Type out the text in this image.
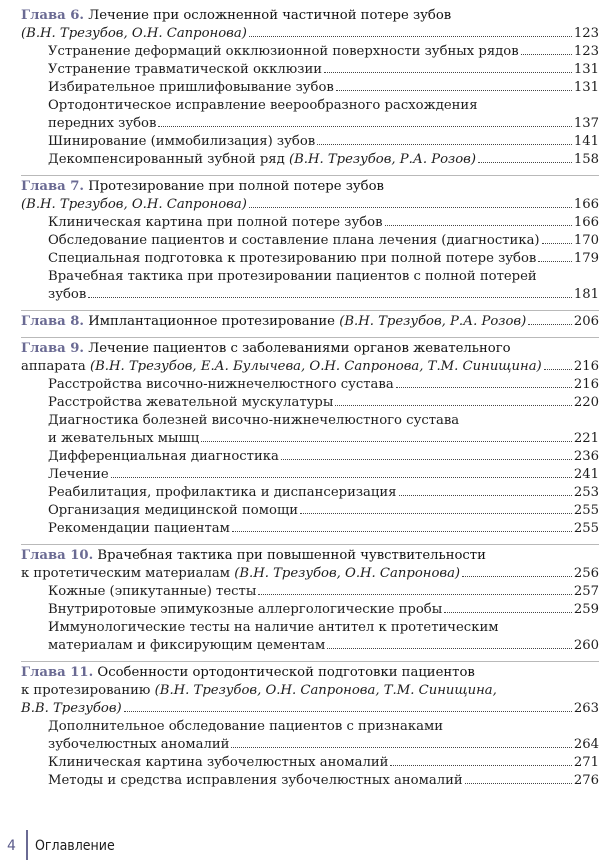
Глава 6. Лечение при осложненной частичной потере зубов
(В.Н. Трезубов, О.Н. Сапронова)	123
Устранение деформаций окклюзионной поверхности зубных рядов	123
Устранение травматической окклюзии	131
Избирательное пришлифовывание зубов	131
Ортодонтическое исправление веерообразного расхождения
передних зубов	137
Шинирование (иммобилизация) зубов	141
Декомпенсированный зубной ряд (В.Н. Трезубов, Р.А. Розов)	158
Глава 7. Протезирование при полной потере зубов
(В.Н. Трезубов, О.Н. Сапронова)	166
Клиническая картина при полной потере зубов	166
Обследование пациентов и составление плана лечения (диагностика)	170
Специальная подготовка к протезированию при полной потере зубов	179
Врачебная тактика при протезировании пациентов с полной потерей
зубов	181
Глава 8. Имплантационное протезирование (В.Н. Трезубов, Р.А. Розов)	206
Глава 9. Лечение пациентов с заболеваниями органов жевательного
аппарата (В.Н. Трезубов, Е.А. Булычева, О.Н. Сапронова, Т.М. Синищина) 216
Расстройства височно-нижнечелюстного сустава	216
Расстройства жевательной мускулатуры	220
Диагностика болезней височно-нижнечелюстного сустава
и жевательных мышц	221
Дифференциальная диагностика	236
Лечение	241
Реабилитация, профилактика и диспансеризация	253
Организация медицинской помощи	255
Рекомендации пациентам	255
Глава 10. Врачебная тактика при повышенной чувствительности
к протетическим материалам (В.Н. Трезубов, О.Н. Сапронова)	256
Кожные (эпикутанные) тесты	257
Внутриротовые эпимукозные аллергологические пробы	259
Иммунологические тесты на наличие антител к протетическим
материалам и фиксирующим цементам	260
Глава 11. Особенности ортодонтической подготовки пациентов
к протезированию (В.Н. Трезубов, О.Н. Сапронова, Т.М. Синищина,
В.В. Трезубов)	263
Дополнительное обследование пациентов с признаками
зубочелюстных аномалий	264
Клиническая картина зубочелюстных аномалий	271
Методы и средства исправления зубочелюстных аномалий	276
4 Оглавление
